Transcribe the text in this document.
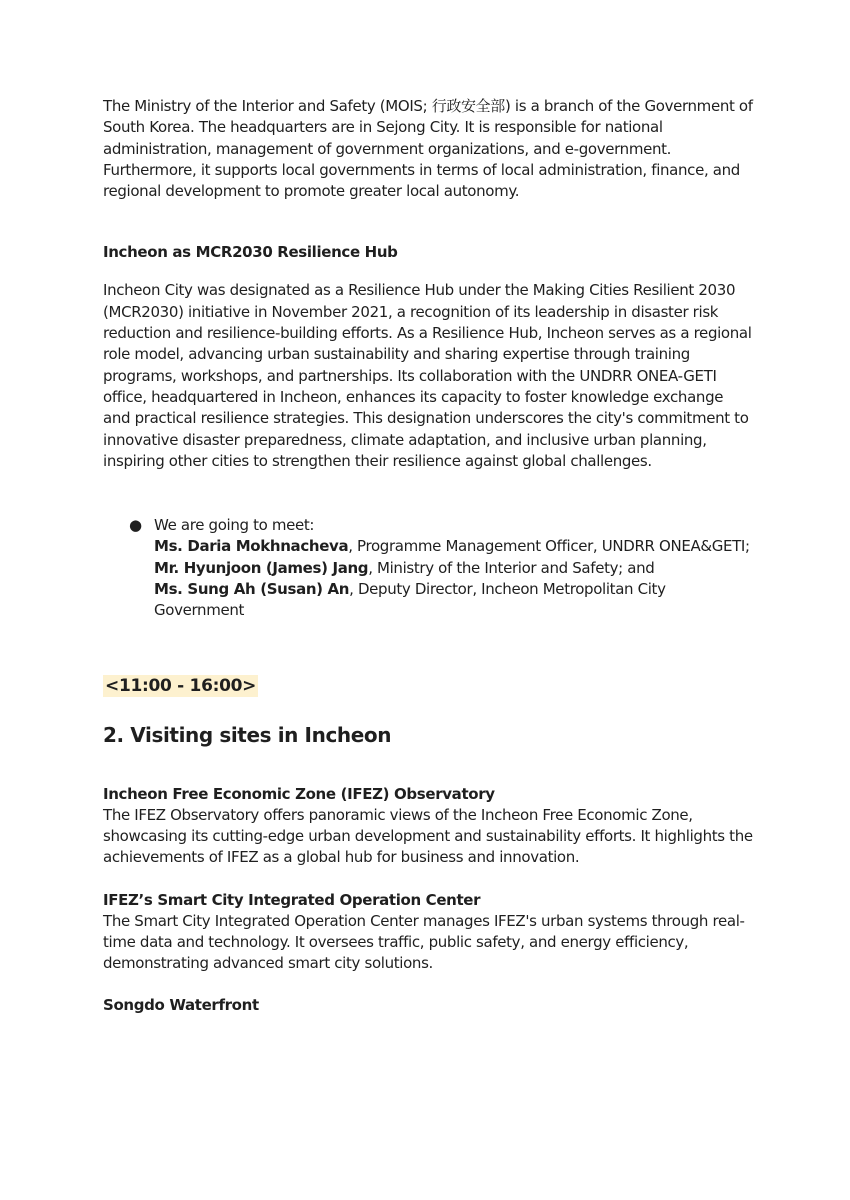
The Ministry of the Interior and Safety (MOIS; 行政安全部) is a branch of the Government of South Korea. The headquarters are in Sejong City. It is responsible for national administration, management of government organizations, and e-government. Furthermore, it supports local governments in terms of local administration, finance, and regional development to promote greater local autonomy.

Incheon as MCR2030 Resilience Hub

Incheon City was designated as a Resilience Hub under the Making Cities Resilient 2030 (MCR2030) initiative in November 2021, a recognition of its leadership in disaster risk reduction and resilience-building efforts. As a Resilience Hub, Incheon serves as a regional role model, advancing urban sustainability and sharing expertise through training programs, workshops, and partnerships. Its collaboration with the UNDRR ONEA-GETI office, headquartered in Incheon, enhances its capacity to foster knowledge exchange and practical resilience strategies. This designation underscores the city's commitment to innovative disaster preparedness, climate adaptation, and inclusive urban planning, inspiring other cities to strengthen their resilience against global challenges.

● We are going to meet:
Ms. Daria Mokhnacheva, Programme Management Officer, UNDRR ONEA&GETI;
Mr. Hyunjoon (James) Jang, Ministry of the Interior and Safety; and
Ms. Sung Ah (Susan) An, Deputy Director, Incheon Metropolitan City Government
<11:00 - 16:00>

2. Visiting sites in Incheon

Incheon Free Economic Zone (IFEZ) Observatory

The IFEZ Observatory offers panoramic views of the Incheon Free Economic Zone, showcasing its cutting-edge urban development and sustainability efforts. It highlights the achievements of IFEZ as a global hub for business and innovation.

IFEZ’s Smart City Integrated Operation Center

The Smart City Integrated Operation Center manages IFEZ's urban systems through real-time data and technology. It oversees traffic, public safety, and energy efficiency, demonstrating advanced smart city solutions.

Songdo Waterfront
